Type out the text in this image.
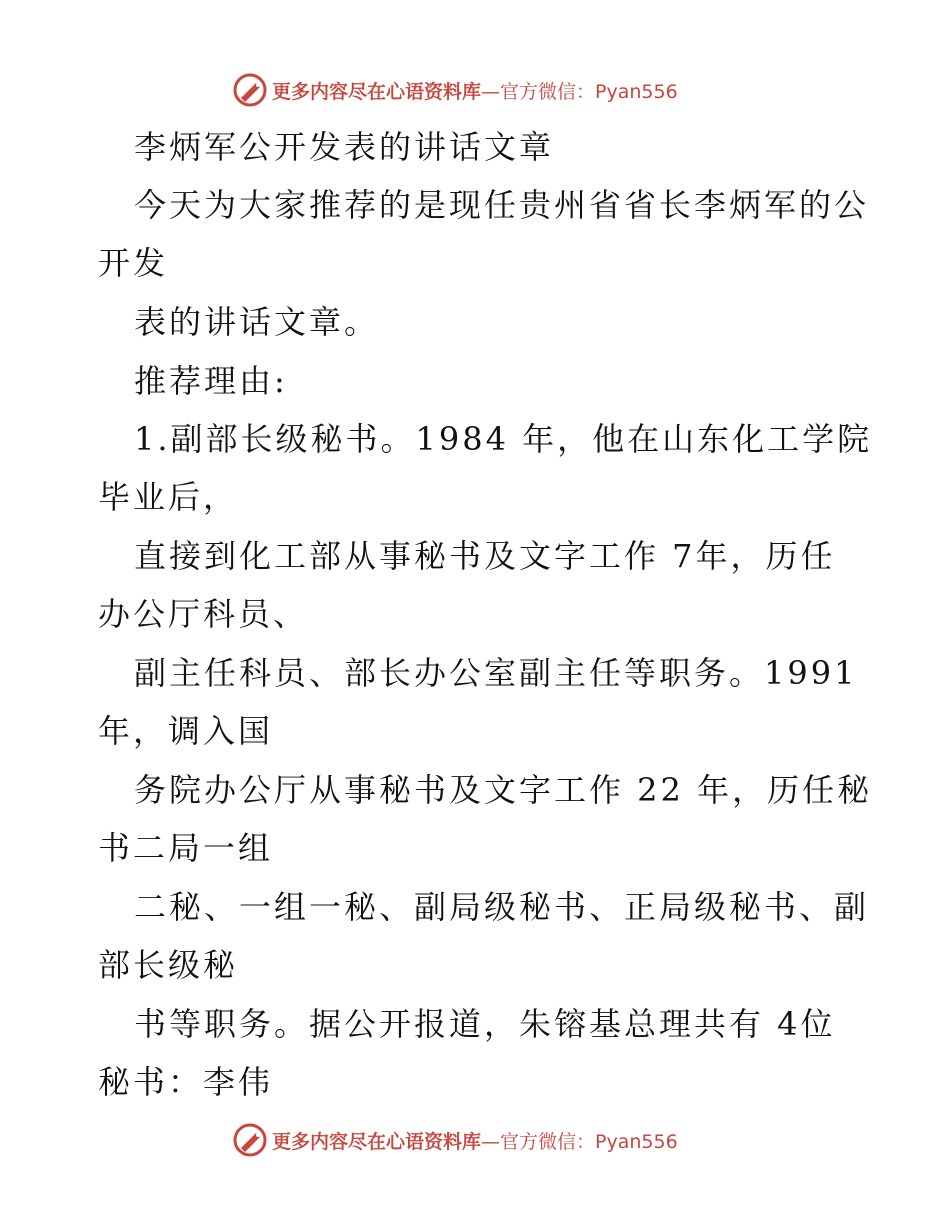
更多内容尽在心语资料库—官方微信：Pyan556
李炳军公开发表的讲话文章
今天为大家推荐的是现任贵州省省长李炳军的公
开发
表的讲话文章。
推荐理由:
1.副部长级秘书。1984 年，他在山东化工学院
毕业后，
直接到化工部从事秘书及文字工作 7年，历任
办公厅科员、
副主任科员、部长办公室副主任等职务。1991
年，调入国
务院办公厅从事秘书及文字工作 22 年，历任秘
书二局一组
二秘、一组一秘、副局级秘书、正局级秘书、副
部长级秘
书等职务。据公开报道，朱镕基总理共有 4位
秘书：李伟
更多内容尽在心语资料库—官方微信：Pyan556
